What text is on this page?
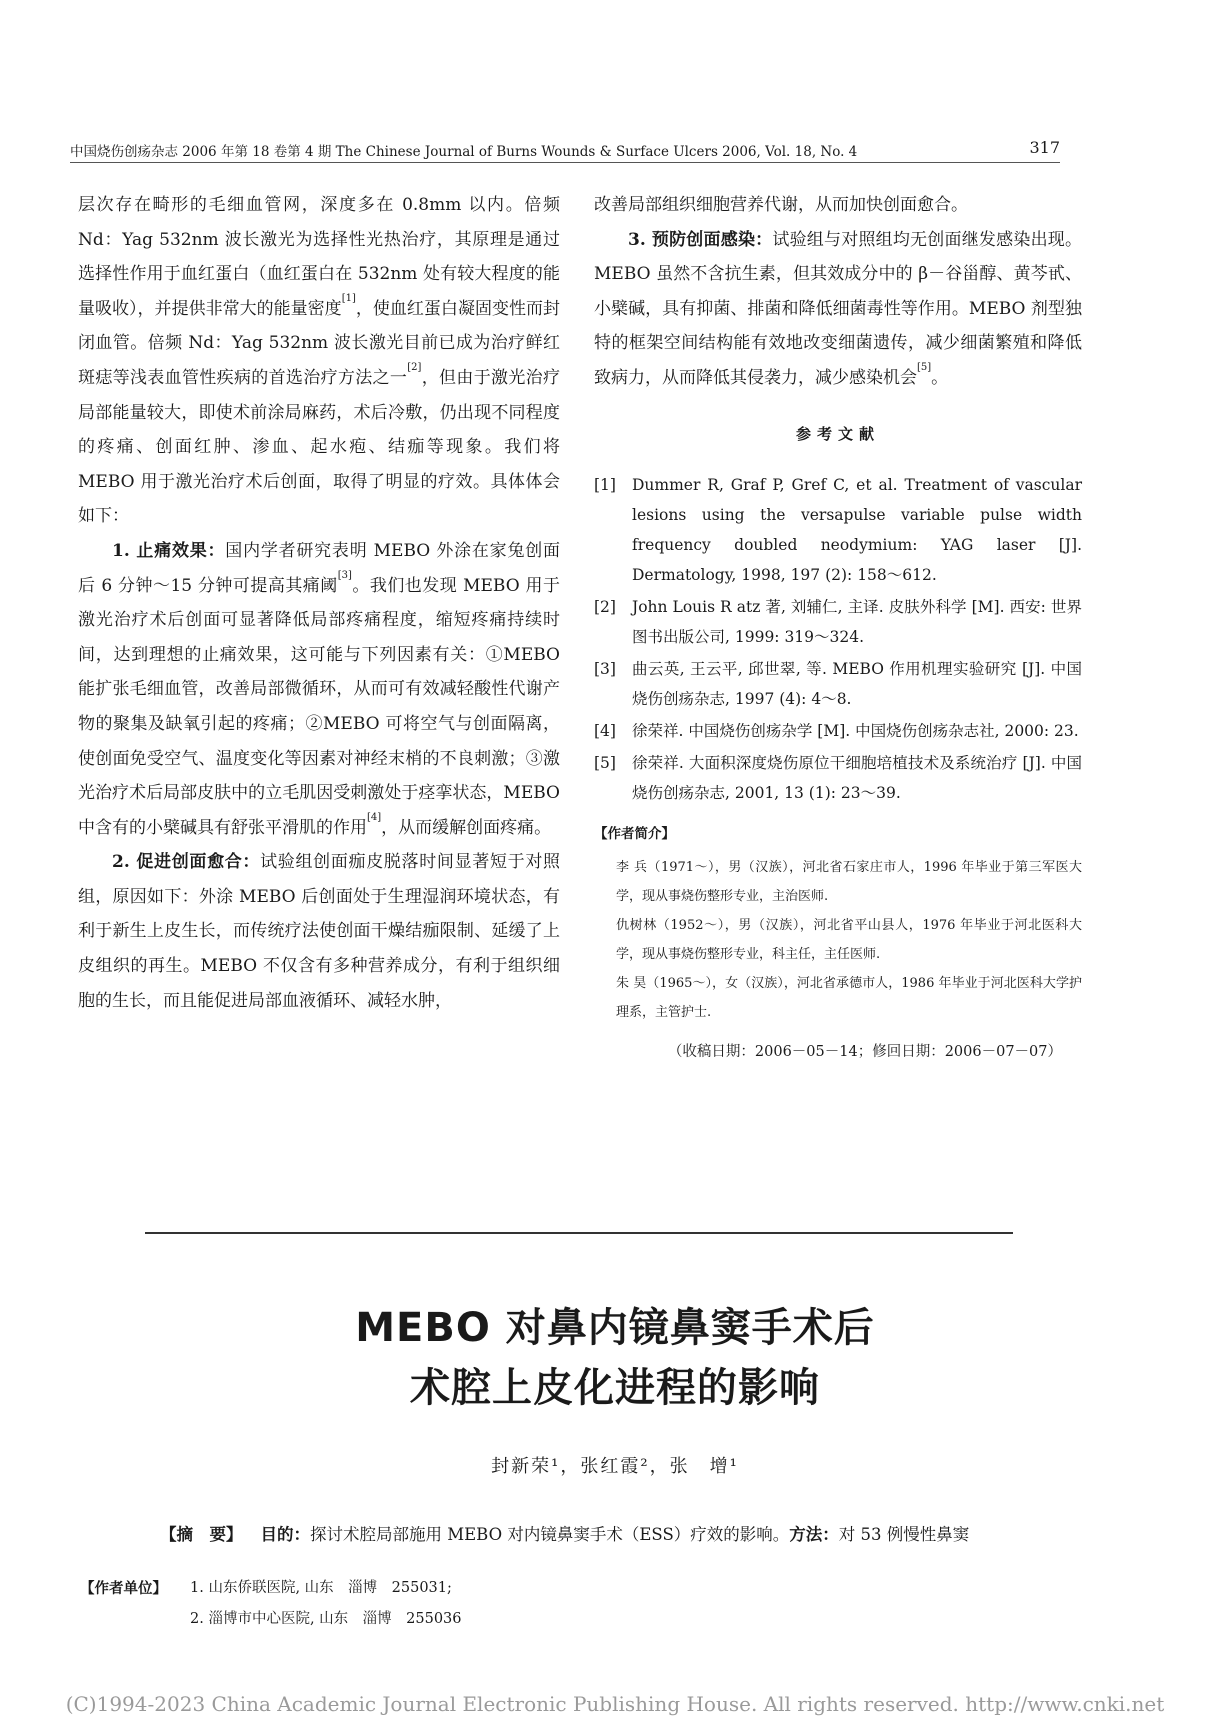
中国烧伤创疡杂志 2006 年第 18 卷第 4 期 The Chinese Journal of Burns Wounds & Surface Ulcers 2006, Vol. 18, No. 4	317

层次存在畸形的毛细血管网，深度多在 0.8mm 以内。倍频 Nd：Yag 532nm 波长激光为选择性光热治疗，其原理是通过选择性作用于血红蛋白（血红蛋白在 532nm 处有较大程度的能量吸收），并提供非常大的能量密度[1]，使血红蛋白凝固变性而封闭血管。倍频 Nd：Yag 532nm 波长激光目前已成为治疗鲜红斑痣等浅表血管性疾病的首选治疗方法之一[2]，但由于激光治疗局部能量较大，即使术前涂局麻药，术后冷敷，仍出现不同程度的疼痛、创面红肿、渗血、起水疱、结痂等现象。我们将 MEBO 用于激光治疗术后创面，取得了明显的疗效。具体体会如下：

1. 止痛效果：国内学者研究表明 MEBO 外涂在家兔创面后 6 分钟～15 分钟可提高其痛阈[3]。我们也发现 MEBO 用于激光治疗术后创面可显著降低局部疼痛程度，缩短疼痛持续时间，达到理想的止痛效果，这可能与下列因素有关：①MEBO 能扩张毛细血管，改善局部微循环，从而可有效减轻酸性代谢产物的聚集及缺氧引起的疼痛；②MEBO 可将空气与创面隔离，使创面免受空气、温度变化等因素对神经末梢的不良刺激；③激光治疗术后局部皮肤中的立毛肌因受刺激处于痉挛状态，MEBO 中含有的小檗碱具有舒张平滑肌的作用[4]，从而缓解创面疼痛。

2. 促进创面愈合：试验组创面痂皮脱落时间显著短于对照组，原因如下：外涂 MEBO 后创面处于生理湿润环境状态，有利于新生上皮生长，而传统疗法使创面干燥结痂限制、延缓了上皮组织的再生。MEBO 不仅含有多种营养成分，有利于组织细胞的生长，而且能促进局部血液循环、减轻水肿，

改善局部组织细胞营养代谢，从而加快创面愈合。

3. 预防创面感染：试验组与对照组均无创面继发感染出现。MEBO 虽然不含抗生素，但其效成分中的 β－谷甾醇、黄芩甙、小檗碱，具有抑菌、排菌和降低细菌毒性等作用。MEBO 剂型独特的框架空间结构能有效地改变细菌遗传，减少细菌繁殖和降低致病力，从而降低其侵袭力，减少感染机会[5]。

参考文献
[1]	Dummer R, Graf P, Gref C, et al. Treatment of vascular lesions using the versapulse variable pulse width frequency doubled neodymium: YAG laser [J]. Dermatology, 1998, 197 (2): 158～612.
[2]	John Louis R atz 著, 刘辅仁, 主译. 皮肤外科学 [M]. 西安: 世界图书出版公司, 1999: 319～324.
[3]	曲云英, 王云平, 邱世翠, 等. MEBO 作用机理实验研究 [J]. 中国烧伤创疡杂志, 1997 (4): 4～8.
[4]	徐荣祥. 中国烧伤创疡杂学 [M]. 中国烧伤创疡杂志社, 2000: 23.
[5]	徐荣祥. 大面积深度烧伤原位干细胞培植技术及系统治疗 [J]. 中国烧伤创疡杂志, 2001, 13 (1): 23～39.
【作者简介】
李 兵（1971～），男（汉族），河北省石家庄市人，1996 年毕业于第三军医大学，现从事烧伤整形专业，主治医师.
仇树林（1952～），男（汉族），河北省平山县人，1976 年毕业于河北医科大学，现从事烧伤整形专业，科主任，主任医师.
朱 昊（1965～），女（汉族），河北省承德市人，1986 年毕业于河北医科大学护理系，主管护士.
（收稿日期：2006－05－14；修回日期：2006－07－07）
MEBO 对鼻内镜鼻窦手术后
术腔上皮化进程的影响
封新荣¹，张红霞²，张　增¹
【摘　要】 目的：探讨术腔局部施用 MEBO 对内镜鼻窦手术（ESS）疗效的影响。方法：对 53 例慢性鼻窦
【作者单位】	1. 山东侨联医院, 山东　淄博　255031;
2. 淄博市中心医院, 山东　淄博　255036
(C)1994-2023 China Academic Journal Electronic Publishing House. All rights reserved. http://www.cnki.net
